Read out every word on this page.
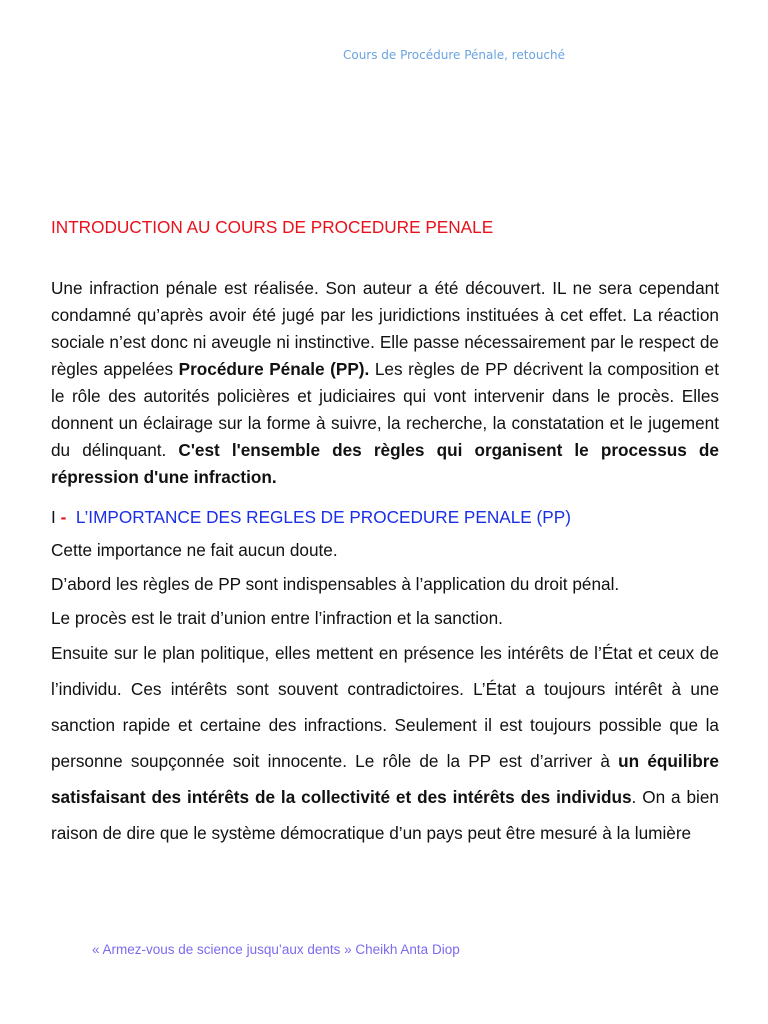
Cours de Procédure Pénale, retouché

INTRODUCTION AU COURS DE PROCEDURE PENALE

Une infraction pénale est réalisée. Son auteur a été découvert. IL ne sera cependant condamné qu’après avoir été jugé par les juridictions instituées à cet effet. La réaction sociale n’est donc ni aveugle ni instinctive. Elle passe nécessairement par le respect de règles appelées Procédure Pénale (PP). Les règles de PP décrivent la composition et le rôle des autorités policières et judiciaires qui vont intervenir dans le procès. Elles donnent un éclairage sur la forme à suivre, la recherche, la constatation et le jugement du délinquant. C'est l'ensemble des règles qui organisent le processus de répression d'une infraction.

I - L’IMPORTANCE DES REGLES DE PROCEDURE PENALE (PP)

Cette importance ne fait aucun doute.

D’abord les règles de PP sont indispensables à l’application du droit pénal.

Le procès est le trait d’union entre l’infraction et la sanction.

Ensuite sur le plan politique, elles mettent en présence les intérêts de l’État et ceux de l’individu. Ces intérêts sont souvent contradictoires. L’État a toujours intérêt à une sanction rapide et certaine des infractions. Seulement il est toujours possible que la personne soupçonnée soit innocente. Le rôle de la PP est d’arriver à un équilibre satisfaisant des intérêts de la collectivité et des intérêts des individus. On a bien raison de dire que le système démocratique d’un pays peut être mesuré à la lumière

« Armez-vous de science jusqu’aux dents » Cheikh Anta Diop
